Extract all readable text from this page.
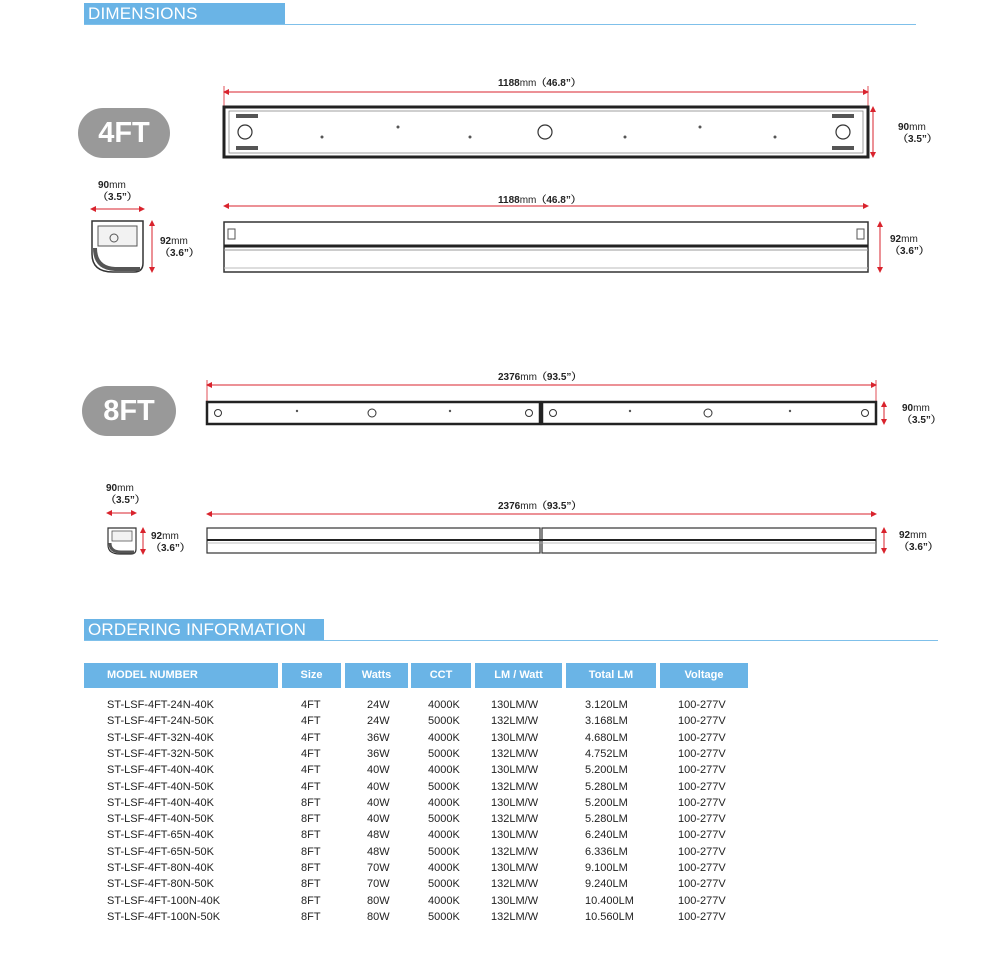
DIMENSIONS
4FT
8FT
1188mm（46.8”）
90mm
（3.5”）
90mm
（3.5”）
92mm
（3.6”）
1188mm（46.8”）
92mm
（3.6”）
2376mm（93.5”）
90mm
（3.5”）
90mm
（3.5”）
92mm
（3.6”）
2376mm（93.5”）
92mm
（3.6”）
ORDERING INFORMATION
MODEL NUMBER	Size	Watts	CCT	LM / Watt	Total LM	Voltage
ST-LSF-4FT-24N-40K	4FT	24W	4000K	130LM/W	3.120LM	100-277V
ST-LSF-4FT-24N-50K	4FT	24W	5000K	132LM/W	3.168LM	100-277V
ST-LSF-4FT-32N-40K	4FT	36W	4000K	130LM/W	4.680LM	100-277V
ST-LSF-4FT-32N-50K	4FT	36W	5000K	132LM/W	4.752LM	100-277V
ST-LSF-4FT-40N-40K	4FT	40W	4000K	130LM/W	5.200LM	100-277V
ST-LSF-4FT-40N-50K	4FT	40W	5000K	132LM/W	5.280LM	100-277V
ST-LSF-4FT-40N-40K	8FT	40W	4000K	130LM/W	5.200LM	100-277V
ST-LSF-4FT-40N-50K	8FT	40W	5000K	132LM/W	5.280LM	100-277V
ST-LSF-4FT-65N-40K	8FT	48W	4000K	130LM/W	6.240LM	100-277V
ST-LSF-4FT-65N-50K	8FT	48W	5000K	132LM/W	6.336LM	100-277V
ST-LSF-4FT-80N-40K	8FT	70W	4000K	130LM/W	9.100LM	100-277V
ST-LSF-4FT-80N-50K	8FT	70W	5000K	132LM/W	9.240LM	100-277V
ST-LSF-4FT-100N-40K	8FT	80W	4000K	130LM/W	10.400LM	100-277V
ST-LSF-4FT-100N-50K	8FT	80W	5000K	132LM/W	10.560LM	100-277V
